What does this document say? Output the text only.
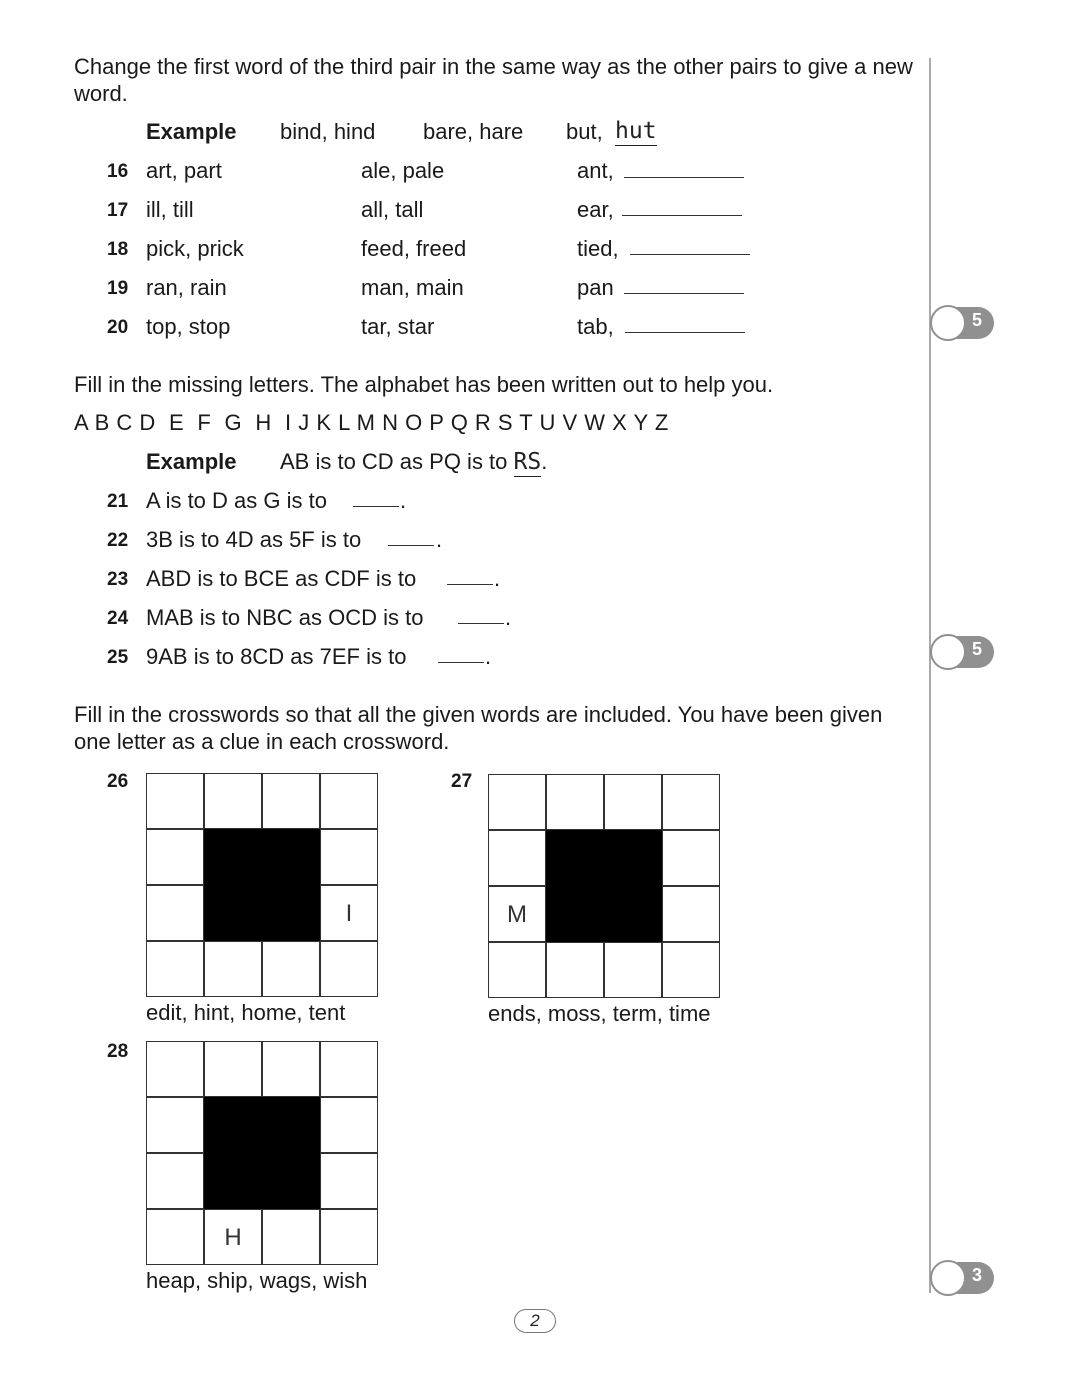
Change the first word of the third pair in the same way as the other pairs to give a new word.
Example bind, hind bare, hare but, hut
16 art, part	ale, pale	ant,
17 ill, till	all, tall	ear,
18 pick, prick	feed, freed	tied,
19 ran, rain	man, main	pan
20 top, stop	tar, star	tab,
Fill in the missing letters. The alphabet has been written out to help you.
A B C D  E  F  G  H  I J K L M N O P Q R S T U V W X Y Z
Example AB is to CD as PQ is to RS.
21 A is to D as G is to	.
22 3B is to 4D as 5F is to	.
23 ABD is to BCE as CDF is to	.
24 MAB is to NBC as OCD is to	.
25 9AB is to 8CD as 7EF is to	.
Fill in the crosswords so that all the given words are included. You have been given one letter as a clue in each crossword.
26
I
edit, hint, home, tent
27
M
ends, moss, term, time
28
H
heap, ship, wags, wish
5
5
3
2
